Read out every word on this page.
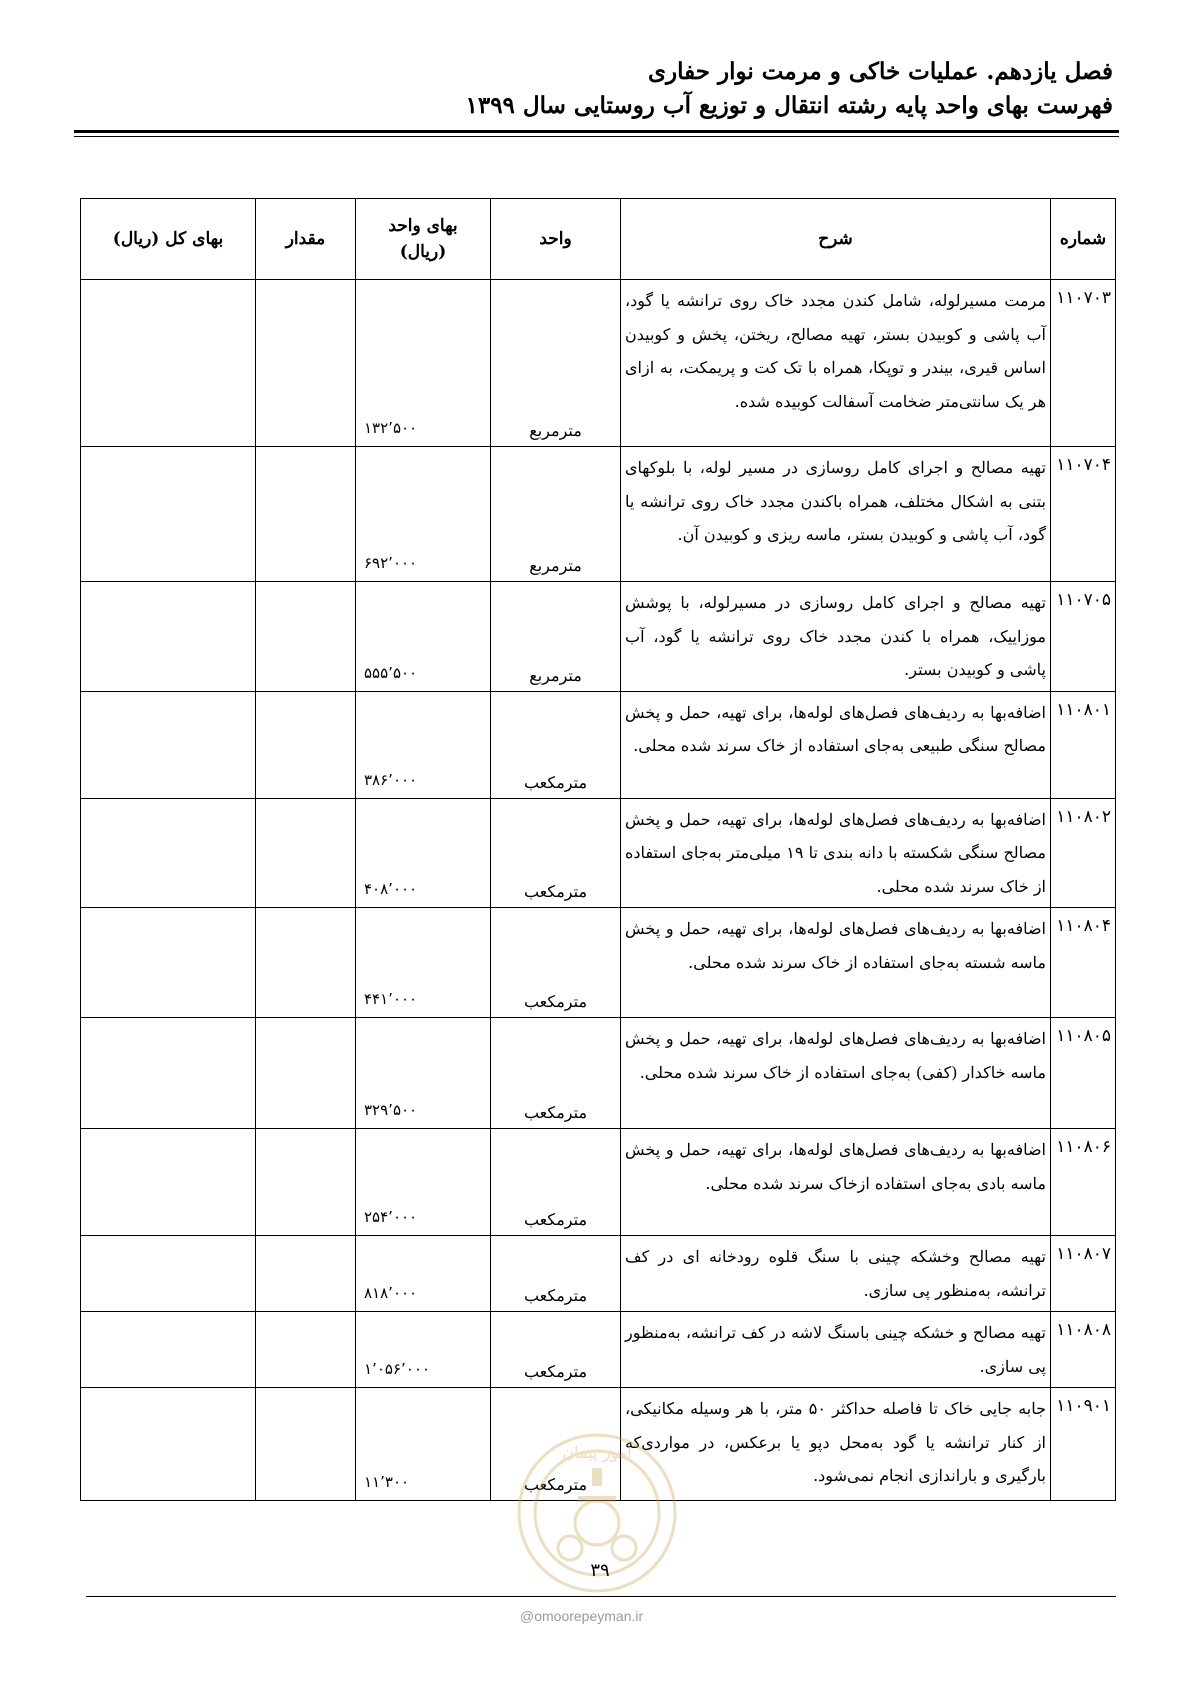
فصل یازدهم. عملیات خاکی و مرمت نوار حفاری
فهرست بهای واحد پایه رشته انتقال و توزیع آب روستایی سال ۱۳۹۹
شماره	شرح	واحد	بهای واحد (ریال)	مقدار	بهای کل (ریال)
۱۱۰۷۰۳	مرمت مسیرلوله، شامل کندن مجدد خاک روی ترانشه یا گود، آب پاشی و کوبیدن بستر، تهیه مصالح، ریختن، پخش و کوبیدن اساس قیری، بیندر و توپکا، همراه با تک کت و پریمکت، به ازای هر یک سانتی‌متر ضخامت آسفالت کوبیده شده.	مترمربع	۱۳۲٬۵۰۰		
۱۱۰۷۰۴	تهیه مصالح و اجرای کامل روسازی در مسیر لوله، با بلوکهای بتنی به اشکال مختلف، همراه باکندن مجدد خاک روی ترانشه یا گود، آب پاشی و کوبیدن بستر، ماسه ریزی و کوبیدن آن.	مترمربع	۶۹۲٬۰۰۰		
۱۱۰۷۰۵	تهیه مصالح و اجرای کامل روسازی در مسیرلوله، با پوشش موزاییک، همراه با کندن مجدد خاک روی ترانشه یا گود، آب پاشی و کوبیدن بستر.	مترمربع	۵۵۵٬۵۰۰		
۱۱۰۸۰۱	اضافه‌بها به ردیف‌های فصل‌های لوله‌ها، برای تهیه، حمل و پخش مصالح سنگی طبیعی به‌جای استفاده از خاک سرند شده محلی.	مترمکعب	۳۸۶٬۰۰۰		
۱۱۰۸۰۲	اضافه‌بها به ردیف‌های فصل‌های لوله‌ها، برای تهیه، حمل و پخش مصالح سنگی شکسته با دانه بندی تا ۱۹ میلی‌متر به‌جای استفاده از خاک سرند شده محلی.	مترمکعب	۴۰۸٬۰۰۰		
۱۱۰۸۰۴	اضافه‌بها به ردیف‌های فصل‌های لوله‌ها، برای تهیه، حمل و پخش ماسه شسته به‌جای استفاده از خاک سرند شده محلی.	مترمکعب	۴۴۱٬۰۰۰		
۱۱۰۸۰۵	اضافه‌بها به ردیف‌های فصل‌های لوله‌ها، برای تهیه، حمل و پخش ماسه خاکدار (کفی) به‌جای استفاده از خاک سرند شده محلی.	مترمکعب	۳۲۹٬۵۰۰		
۱۱۰۸۰۶	اضافه‌بها به ردیف‌های فصل‌های لوله‌ها، برای تهیه، حمل و پخش ماسه بادی به‌جای استفاده ازخاک سرند شده محلی.	مترمکعب	۲۵۴٬۰۰۰		
۱۱۰۸۰۷	تهیه مصالح وخشکه چینی با سنگ قلوه رودخانه ای در کف ترانشه، به‌منظور پی سازی.	مترمکعب	۸۱۸٬۰۰۰		
۱۱۰۸۰۸	تهیه مصالح و خشکه چینی باسنگ لاشه در کف ترانشه، به‌منظور پی سازی.	مترمکعب	۱٬۰۵۶٬۰۰۰		
۱۱۰۹۰۱	جابه جایی خاک تا فاصله حداکثر ۵۰ متر، با هر وسیله مکانیکی، از کنار ترانشه یا گود به‌محل دپو یا برعکس، در مواردی‌که بارگیری و باراندازی انجام نمی‌شود.	مترمکعب	۱۱٬۳۰۰		
امور پیمان
۳۹
@omoorepeyman.ir
